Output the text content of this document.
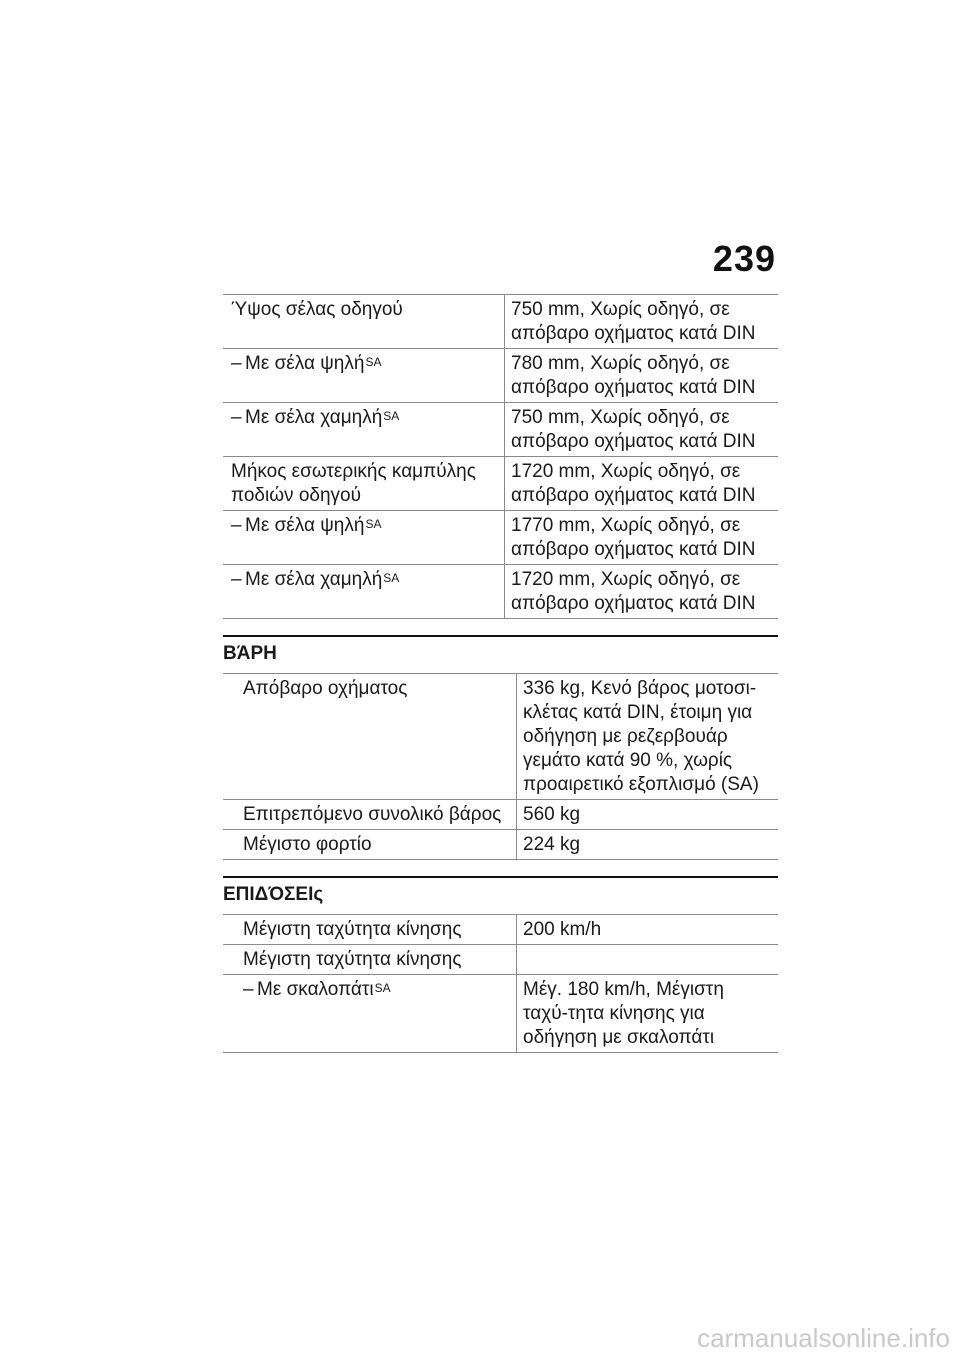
239
Ύψος σέλας οδηγού	750 mm, Χωρίς οδηγό, σε απόβαρο οχήματος κατά DIN
– Με σέλα ψηλή$^{SA}$	780 mm, Χωρίς οδηγό, σε απόβαρο οχήματος κατά DIN
– Με σέλα χαμηλή$^{SA}$	750 mm, Χωρίς οδηγό, σε απόβαρο οχήματος κατά DIN
Μήκος εσωτερικής καμπύλης ποδιών οδηγού	1720 mm, Χωρίς οδηγό, σε απόβαρο οχήματος κατά DIN
– Με σέλα ψηλή$^{SA}$	1770 mm, Χωρίς οδηγό, σε απόβαρο οχήματος κατά DIN
– Με σέλα χαμηλή$^{SA}$	1720 mm, Χωρίς οδηγό, σε απόβαρο οχήματος κατά DIN
ΒΆΡΗ
Απόβαρο οχήματος	336 kg, Κενό βάρος μοτοσι-κλέτας κατά DIN, έτοιμη για οδήγηση με ρεζερβουάρ γεμάτο κατά 90 %, χωρίς προαιρετικό εξοπλισμό (SA)
Επιτρεπόμενο συνολικό βάρος	560 kg
Μέγιστο φορτίο	224 kg
ΕΠΙΔΌΣΕΙς
Μέγιστη ταχύτητα κίνησης	200 km/h
Μέγιστη ταχύτητα κίνησης	
– Με σκαλοπάτι$^{SA}$	Μέγ. 180 km/h, Μέγιστη ταχύ-τητα κίνησης για οδήγηση με σκαλοπάτι
carmanualsonline.info
